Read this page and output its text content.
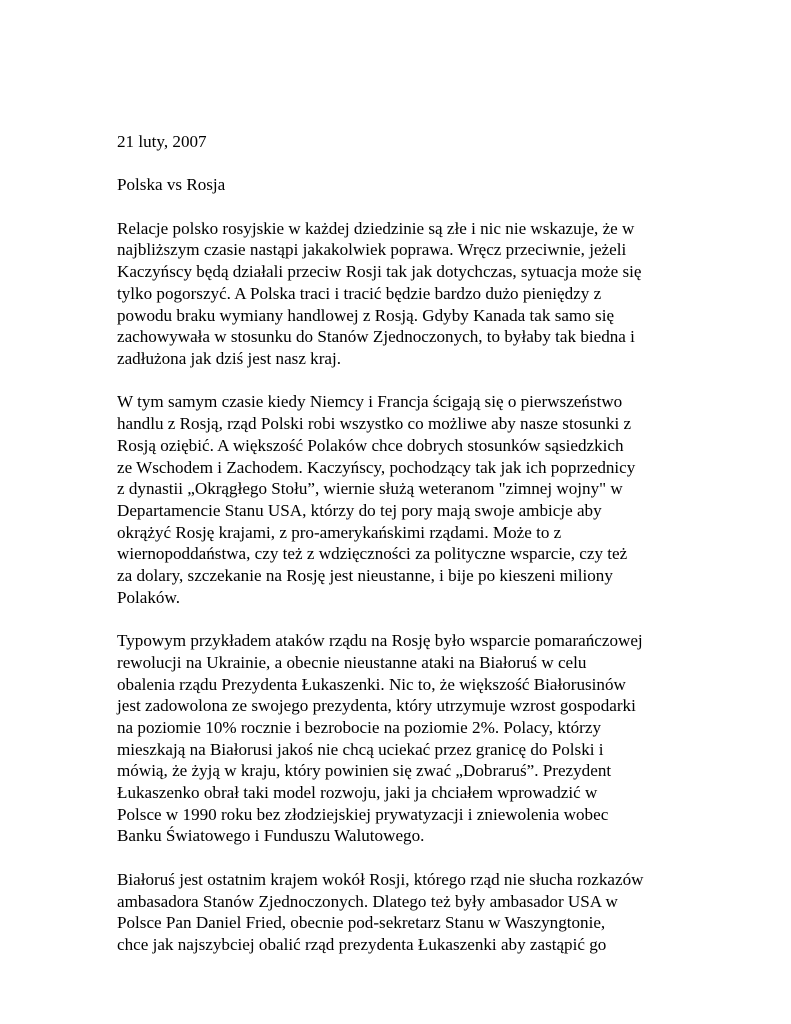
21 luty, 2007
Polska vs Rosja
Relacje polsko rosyjskie w każdej dziedzinie są złe i nic nie wskazuje, że w
najbliższym czasie nastąpi jakakolwiek poprawa. Wręcz przeciwnie, jeżeli
Kaczyńscy będą działali przeciw Rosji tak jak dotychczas, sytuacja może się
tylko pogorszyć. A Polska traci i tracić będzie bardzo dużo pieniędzy z
powodu braku wymiany handlowej z Rosją. Gdyby Kanada tak samo się
zachowywała w stosunku do Stanów Zjednoczonych, to byłaby tak biedna i
zadłużona jak dziś jest nasz kraj.
W tym samym czasie kiedy Niemcy i Francja ścigają się o pierwszeństwo
handlu z Rosją, rząd Polski robi wszystko co możliwe aby nasze stosunki z
Rosją oziębić. A większość Polaków chce dobrych stosunków sąsiedzkich
ze Wschodem i Zachodem. Kaczyńscy, pochodzący tak jak ich poprzednicy
z dynastii „Okrągłego Stołu”, wiernie służą weteranom "zimnej wojny" w
Departamencie Stanu USA, którzy do tej pory mają swoje ambicje aby
okrążyć Rosję krajami, z pro-amerykańskimi rządami. Może to z
wiernopoddaństwa, czy też z wdzięczności za polityczne wsparcie, czy też
za dolary, szczekanie na Rosję jest nieustanne, i bije po kieszeni miliony
Polaków.
Typowym przykładem ataków rządu na Rosję było wsparcie pomarańczowej
rewolucji na Ukrainie, a obecnie nieustanne ataki na Białoruś w celu
obalenia rządu Prezydenta Łukaszenki. Nic to, że większość Białorusinów
jest zadowolona ze swojego prezydenta, który utrzymuje wzrost gospodarki
na poziomie 10% rocznie i bezrobocie na poziomie 2%. Polacy, którzy
mieszkają na Białorusi jakoś nie chcą uciekać przez granicę do Polski i
mówią, że żyją w kraju, który powinien się zwać „Dobraruś”. Prezydent
Łukaszenko obrał taki model rozwoju, jaki ja chciałem wprowadzić w
Polsce w 1990 roku bez złodziejskiej prywatyzacji i zniewolenia wobec
Banku Światowego i Funduszu Walutowego.
Białoruś jest ostatnim krajem wokół Rosji, którego rząd nie słucha rozkazów
ambasadora Stanów Zjednoczonych. Dlatego też były ambasador USA w
Polsce Pan Daniel Fried, obecnie pod-sekretarz Stanu w Waszyngtonie,
chce jak najszybciej obalić rząd prezydenta Łukaszenki aby zastąpić go
